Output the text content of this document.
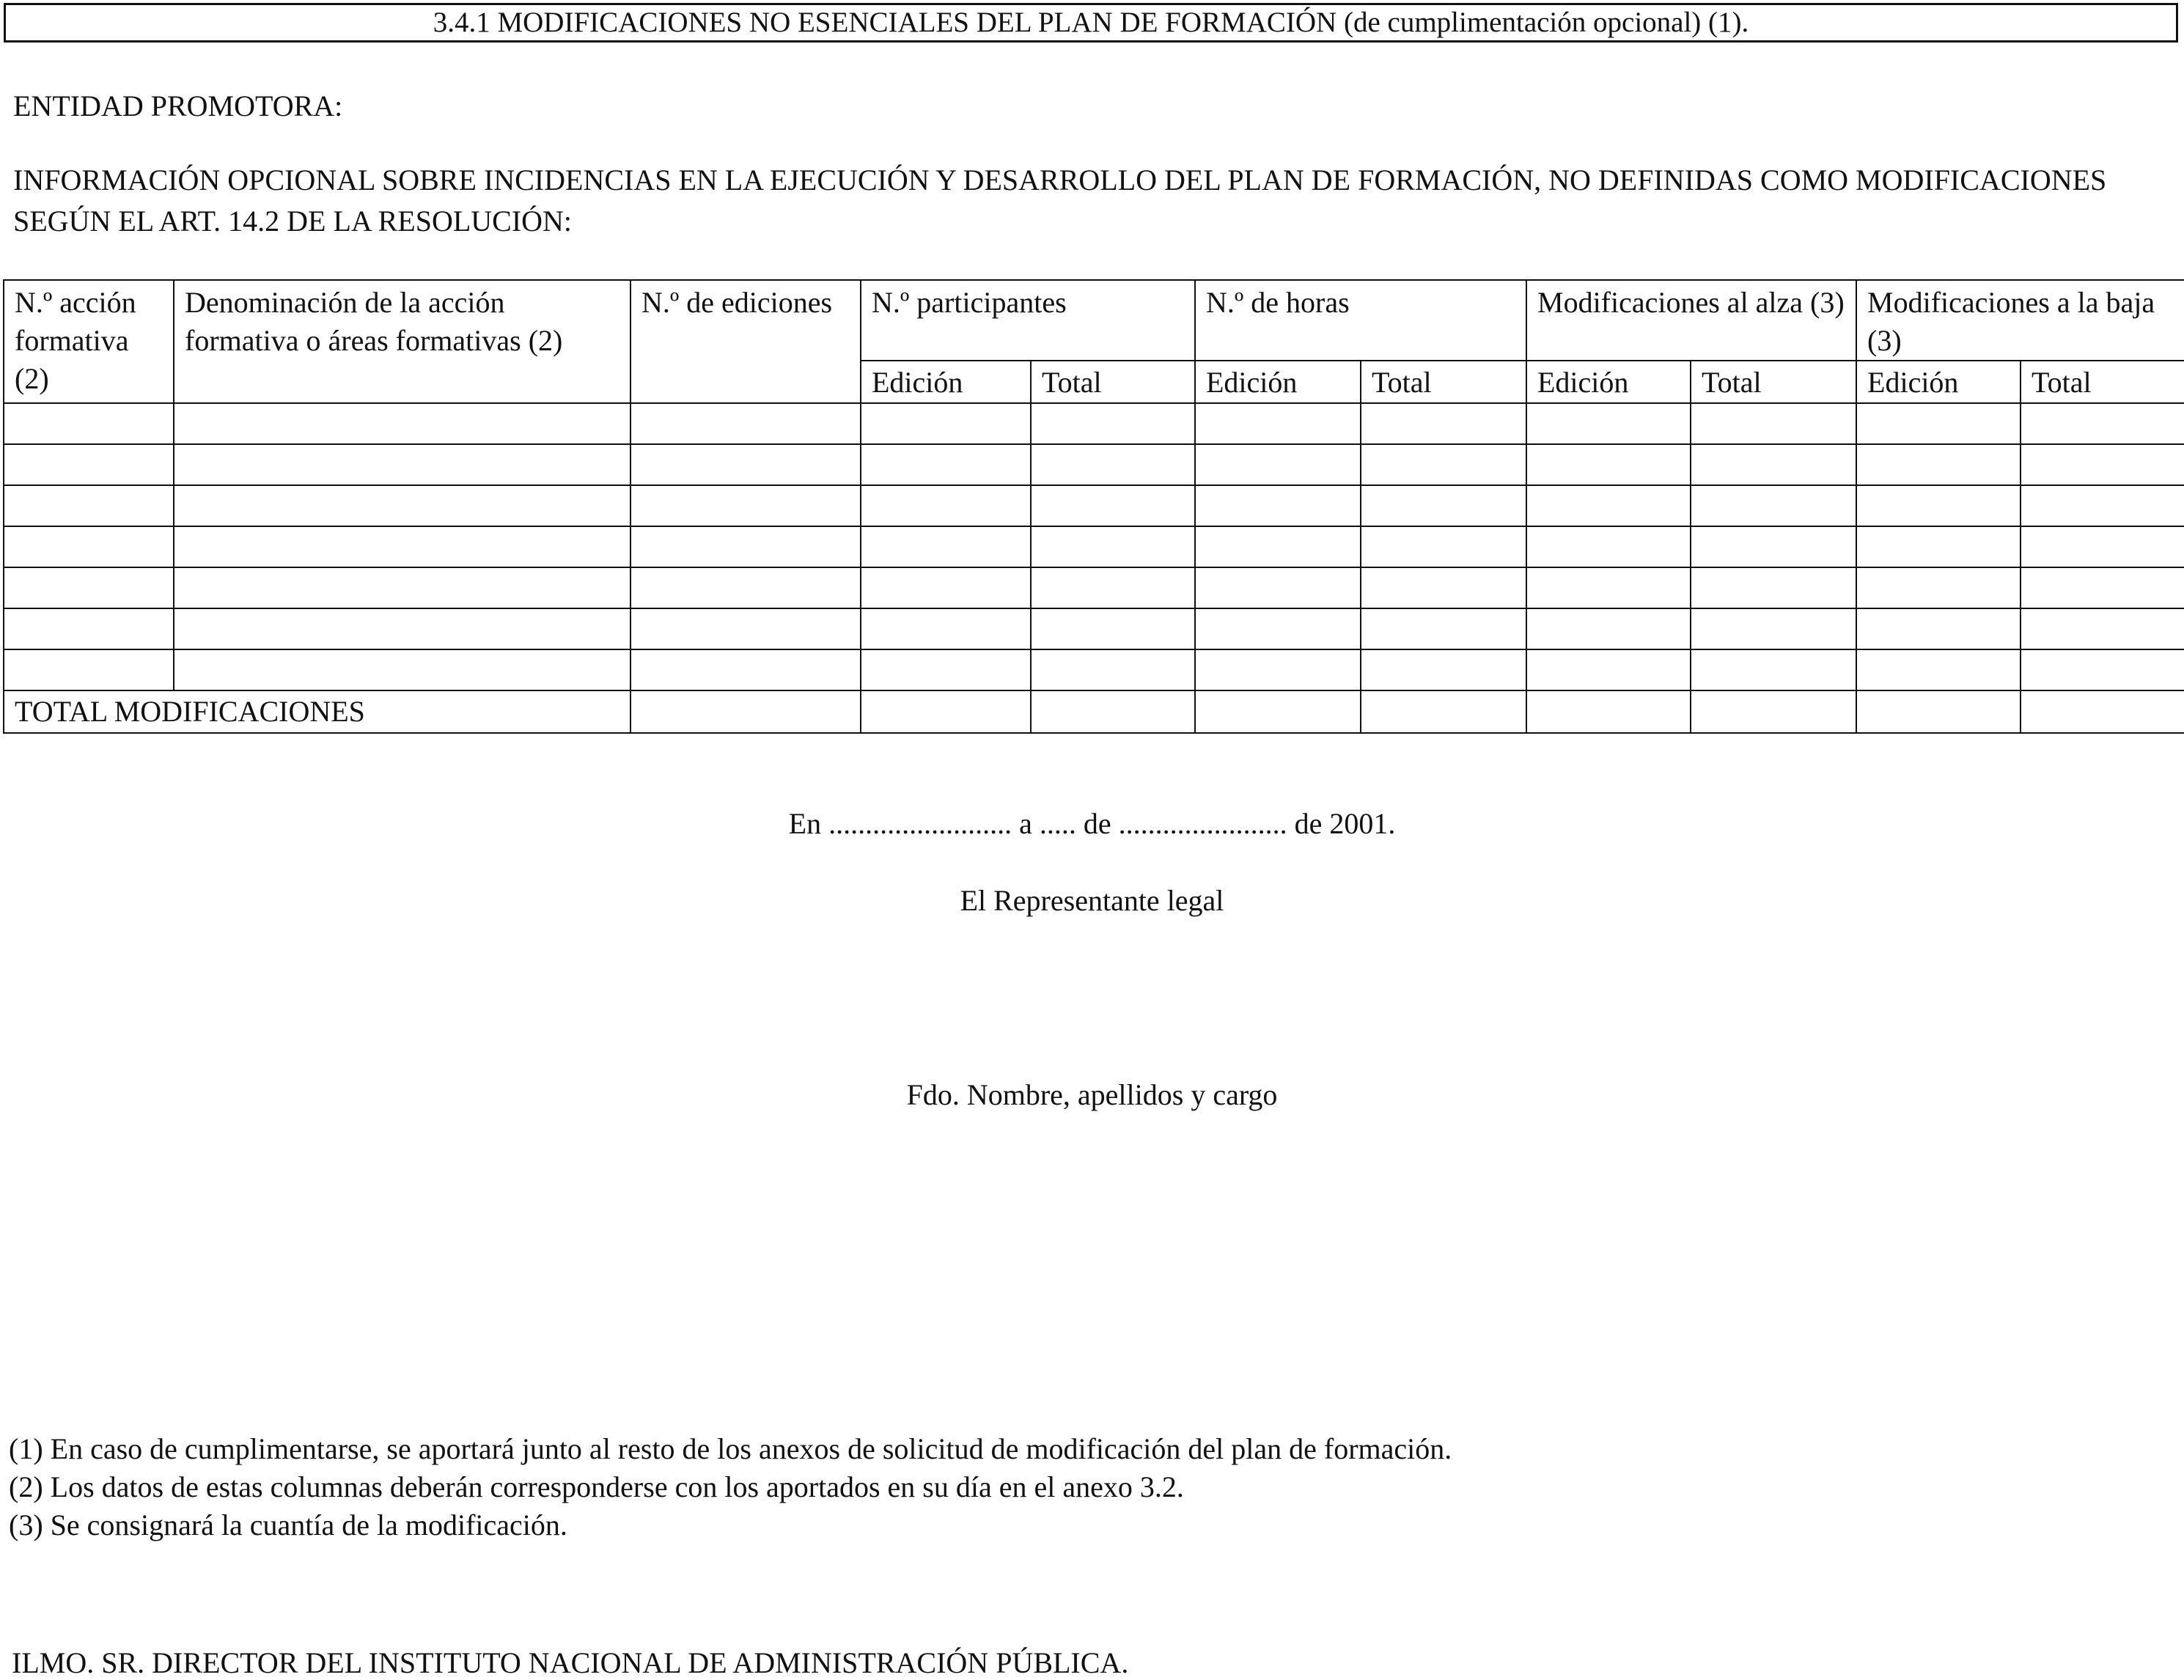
3.4.1 MODIFICACIONES NO ESENCIALES DEL PLAN DE FORMACIÓN (de cumplimentación opcional) (1).
ENTIDAD PROMOTORA:
INFORMACIÓN OPCIONAL SOBRE INCIDENCIAS EN LA EJECUCIÓN Y DESARROLLO DEL PLAN DE FORMACIÓN, NO DEFINIDAS COMO MODIFICACIONES SEGÚN EL ART. 14.2 DE LA RESOLUCIÓN:
N.º acción formativa (2)	Denominación de la acción formativa o áreas formativas (2)	N.º de ediciones	N.º participantes		N.º de horas		Modificaciones al alza (3)		Modificaciones a la baja (3)	

			Edición	Total	Edición	Total	Edición	Total	Edición	Total

TOTAL MODIFICACIONES										

En ......................... a ..... de ....................... de 2001.
El Representante legal
Fdo. Nombre, apellidos y cargo
(1) En caso de cumplimentarse, se aportará junto al resto de los anexos de solicitud de modificación del plan de formación.
(2) Los datos de estas columnas deberán corresponderse con los aportados en su día en el anexo 3.2.
(3) Se consignará la cuantía de la modificación.
ILMO. SR. DIRECTOR DEL INSTITUTO NACIONAL DE ADMINISTRACIÓN PÚBLICA.
